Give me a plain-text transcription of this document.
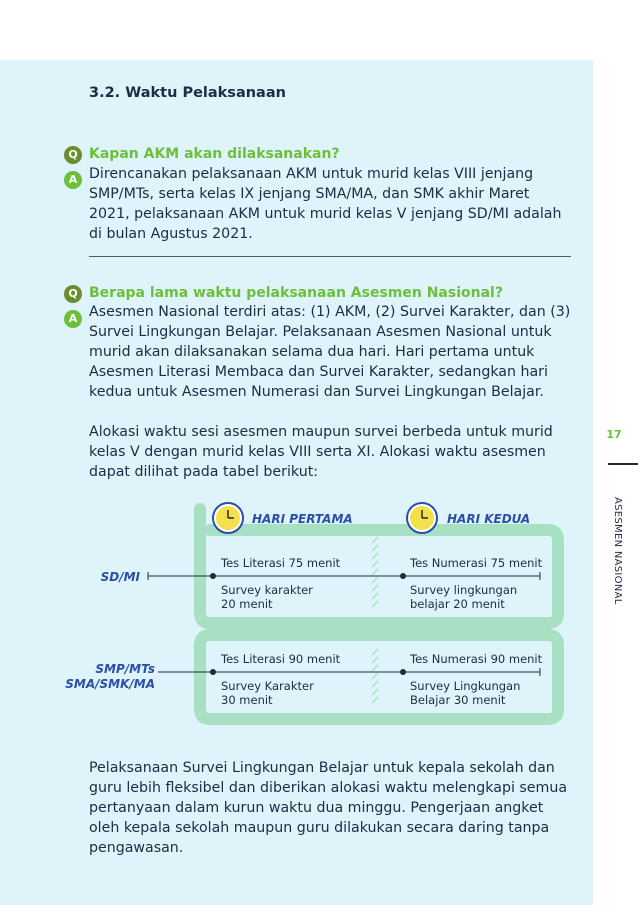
17
ASESMEN NASIONAL
3.2. Waktu Pelaksanaan
Q Kapan AKM akan dilaksanakan?
A Direncanakan pelaksanaan AKM untuk murid kelas VIII jenjang
SMP/MTs, serta kelas IX jenjang SMA/MA, dan SMK akhir Maret
2021, pelaksanaan AKM untuk murid kelas V jenjang SD/MI adalah
di bulan Agustus 2021.
Q Berapa lama waktu pelaksanaan Asesmen Nasional?
A Asesmen Nasional terdiri atas: (1) AKM, (2) Survei Karakter, dan (3)
Survei Lingkungan Belajar. Pelaksanaan Asesmen Nasional untuk
murid akan dilaksanakan selama dua hari. Hari pertama untuk
Asesmen Literasi Membaca dan Survei Karakter, sedangkan hari
kedua untuk Asesmen Numerasi dan Survei Lingkungan Belajar.
Alokasi waktu sesi asesmen maupun survei berbeda untuk murid
kelas V dengan murid kelas VIII serta XI. Alokasi waktu asesmen
dapat dilihat pada tabel berikut:
HARI PERTAMA	HARI KEDUA
SD/MI
Tes Literasi 75 menit
Survey karakter
20 menit
Tes Numerasi 75 menit
Survey lingkungan
belajar 20 menit
SMP/MTs
SMA/SMK/MA
Tes Literasi 90 menit
Survey Karakter
30 menit
Tes Numerasi 90 menit
Survey Lingkungan
Belajar 30 menit
Pelaksanaan Survei Lingkungan Belajar untuk kepala sekolah dan
guru lebih fleksibel dan diberikan alokasi waktu melengkapi semua
pertanyaan dalam kurun waktu dua minggu. Pengerjaan angket
oleh kepala sekolah maupun guru dilakukan secara daring tanpa
pengawasan.
